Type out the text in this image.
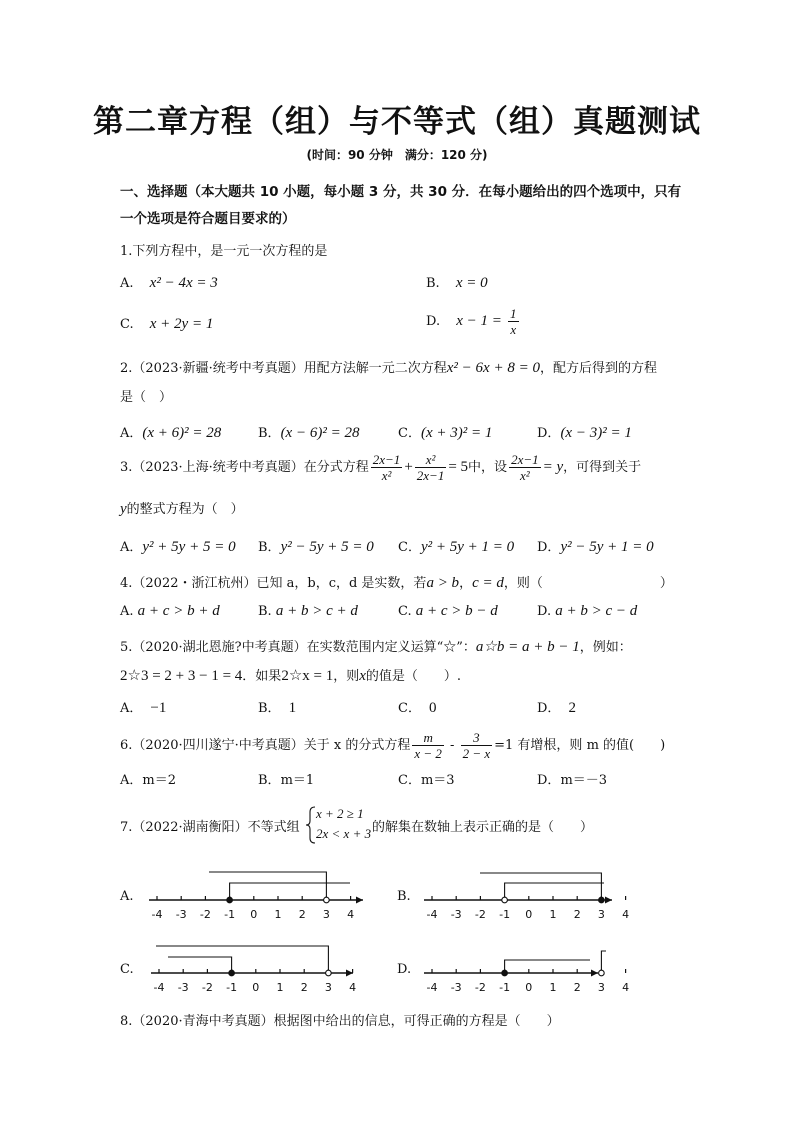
第二章方程（组）与不等式（组）真题测试
(时间：90 分钟　满分：120 分)
一、选择题（本大题共 10 小题，每小题 3 分，共 30 分．在每小题给出的四个选项中，只有
一个选项是符合题目要求的）
1.下列方程中，是一元一次方程的是
A. x² − 4x = 3	B. x = 0
C. x + 2y = 1	D. $x - 1 = \frac{1}{x}$
2.（2023·新疆·统考中考真题）用配方法解一元二次方程x² − 6x + 8 = 0，配方后得到的方程
是（　）
A．(x + 6)² = 28	B．(x − 6)² = 28	C．(x + 3)² = 1	D．(x − 3)² = 1
3.（2023·上海·统考中考真题）在分式方程 $\frac{2x-1}{\text{x²}} + \frac{\text{x²}}{2x-1} = 5$中，设 $\frac{2x-1}{\text{x²}} = y$，可得到关于
y的整式方程为（　）
A．y² + 5y + 5 = 0 B．y² − 5y + 5 = 0 C．y² + 5y + 1 = 0 D．y² − 5y + 1 = 0
4.（2022・浙江杭州）已知 a，b，c，d 是实数，若a > b，c = d，则（　　　　　　　　　）
A. a + c > b + d	B. a + b > c + d	C. a + c > b − d	D. a + b > c − d
5.（2020·湖北恩施?中考真题）在实数范围内定义运算“☆”：a☆b = a + b − 1，例如：
2☆3 = 2 + 3 − 1 = 4．如果2☆x = 1，则x的值是（　　）.
A． −1	B． 1	C． 0	D． 2
6.（2020·四川遂宁·中考真题）关于 x 的分式方程 $\frac{m}{x - 2} - \frac{3}{2 - x} =1$ 有增根，则 m 的值(　　)
A．m＝2	B．m＝1	C．m＝3	D．m＝－3
7.（2022·湖南衡阳）不等式组
x + 2 ≥ 1
2x < x + 3 的解集在数轴上表示正确的是（　　）
A.	B.
C.	D.
-4 -3 -2 -1 0 1 2 3 4	-4 -3 -2 -1 0 1 2 3 4
-4 -3 -2 -1 0 1 2 3 4	-4 -3 -2 -1 0 1 2 3 4
8.（2020·青海中考真题）根据图中给出的信息，可得正确的方程是（　　）
